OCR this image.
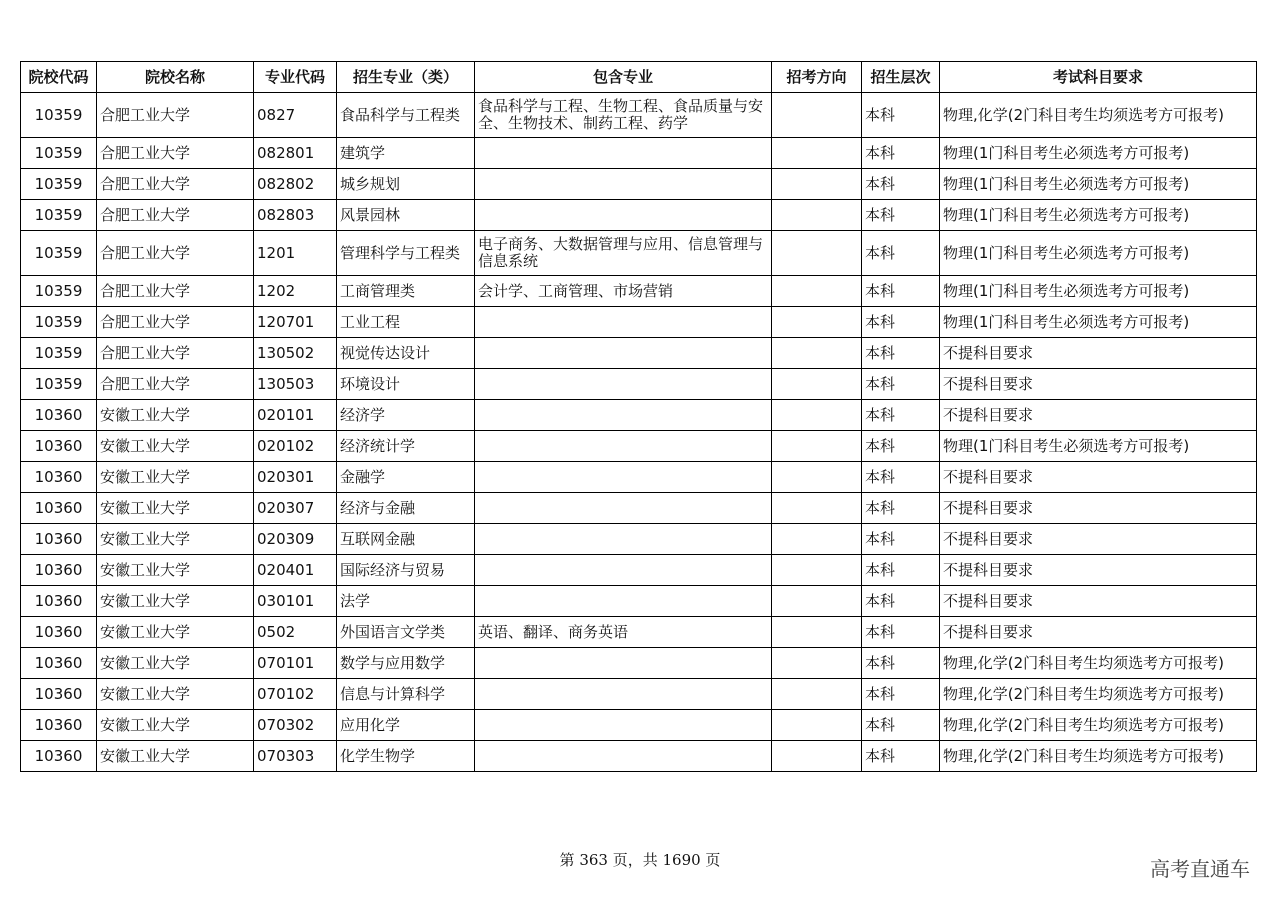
院校代码	院校名称	专业代码	招生专业（类）	包含专业	招考方向	招生层次	考试科目要求
10359	合肥工业大学	0827	食品科学与工程类	食品科学与工程、生物工程、食品质量与安全、生物技术、制药工程、药学		本科	物理,化学(2门科目考生均须选考方可报考)
10359	合肥工业大学	082801	建筑学			本科	物理(1门科目考生必须选考方可报考)
10359	合肥工业大学	082802	城乡规划			本科	物理(1门科目考生必须选考方可报考)
10359	合肥工业大学	082803	风景园林			本科	物理(1门科目考生必须选考方可报考)
10359	合肥工业大学	1201	管理科学与工程类	电子商务、大数据管理与应用、信息管理与信息系统		本科	物理(1门科目考生必须选考方可报考)
10359	合肥工业大学	1202	工商管理类	会计学、工商管理、市场营销		本科	物理(1门科目考生必须选考方可报考)
10359	合肥工业大学	120701	工业工程			本科	物理(1门科目考生必须选考方可报考)
10359	合肥工业大学	130502	视觉传达设计			本科	不提科目要求
10359	合肥工业大学	130503	环境设计			本科	不提科目要求
10360	安徽工业大学	020101	经济学			本科	不提科目要求
10360	安徽工业大学	020102	经济统计学			本科	物理(1门科目考生必须选考方可报考)
10360	安徽工业大学	020301	金融学			本科	不提科目要求
10360	安徽工业大学	020307	经济与金融			本科	不提科目要求
10360	安徽工业大学	020309	互联网金融			本科	不提科目要求
10360	安徽工业大学	020401	国际经济与贸易			本科	不提科目要求
10360	安徽工业大学	030101	法学			本科	不提科目要求
10360	安徽工业大学	0502	外国语言文学类	英语、翻译、商务英语		本科	不提科目要求
10360	安徽工业大学	070101	数学与应用数学			本科	物理,化学(2门科目考生均须选考方可报考)
10360	安徽工业大学	070102	信息与计算科学			本科	物理,化学(2门科目考生均须选考方可报考)
10360	安徽工业大学	070302	应用化学			本科	物理,化学(2门科目考生均须选考方可报考)
10360	安徽工业大学	070303	化学生物学			本科	物理,化学(2门科目考生均须选考方可报考)
第 363 页，共 1690 页	高考直通车
